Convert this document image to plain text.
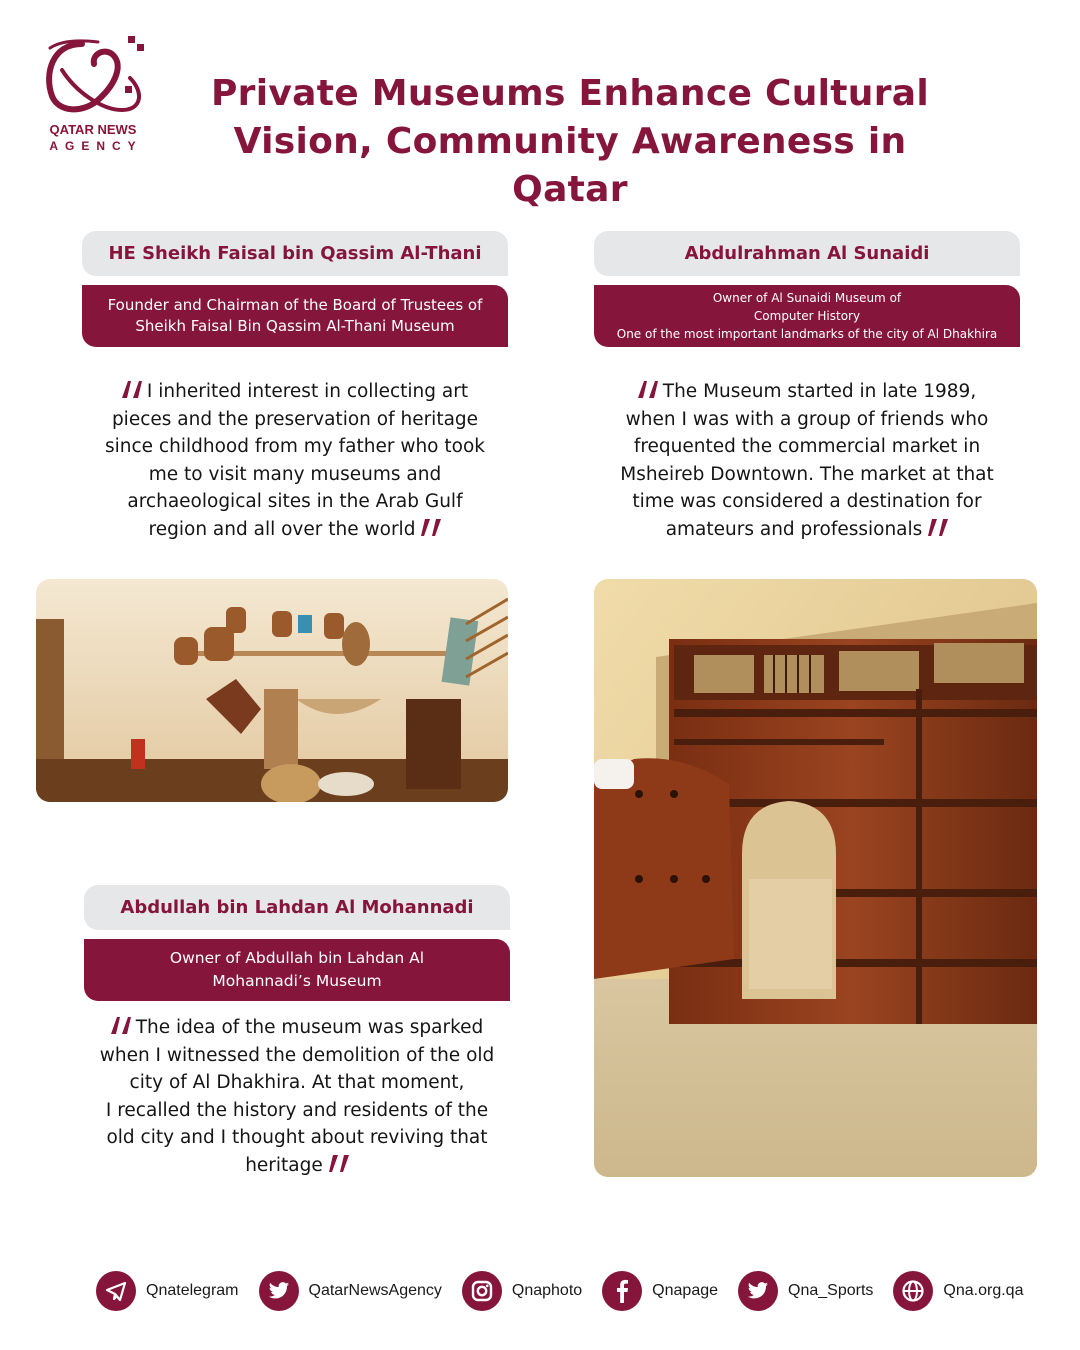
QATAR NEWS
AGENCY
Private Museums Enhance Cultural
Vision, Community Awareness in Qatar
HE Sheikh Faisal bin Qassim Al-Thani
Founder and Chairman of the Board of Trustees of
Sheikh Faisal Bin Qassim Al-Thani Museum
I inherited interest in collecting art
pieces and the preservation of heritage
since childhood from my father who took
me to visit many museums and
archaeological sites in the Arab Gulf
region and all over the world
Abdulrahman Al Sunaidi
Owner of Al Sunaidi Museum of
Computer History
One of the most important landmarks of the city of Al Dhakhira
The Museum started in late 1989,
when I was with a group of friends who
frequented the commercial market in
Msheireb Downtown. The market at that
time was considered a destination for
amateurs and professionals
Abdullah bin Lahdan Al Mohannadi
Owner of Abdullah bin Lahdan Al
Mohannadi’s Museum
The idea of the museum was sparked
when I witnessed the demolition of the old
city of Al Dhakhira. At that moment,
I recalled the history and residents of the
old city and I thought about reviving that
heritage
Qnatelegram	QatarNewsAgency	Qnaphoto	Qnapage	Qna_Sports	Qna.org.qa
